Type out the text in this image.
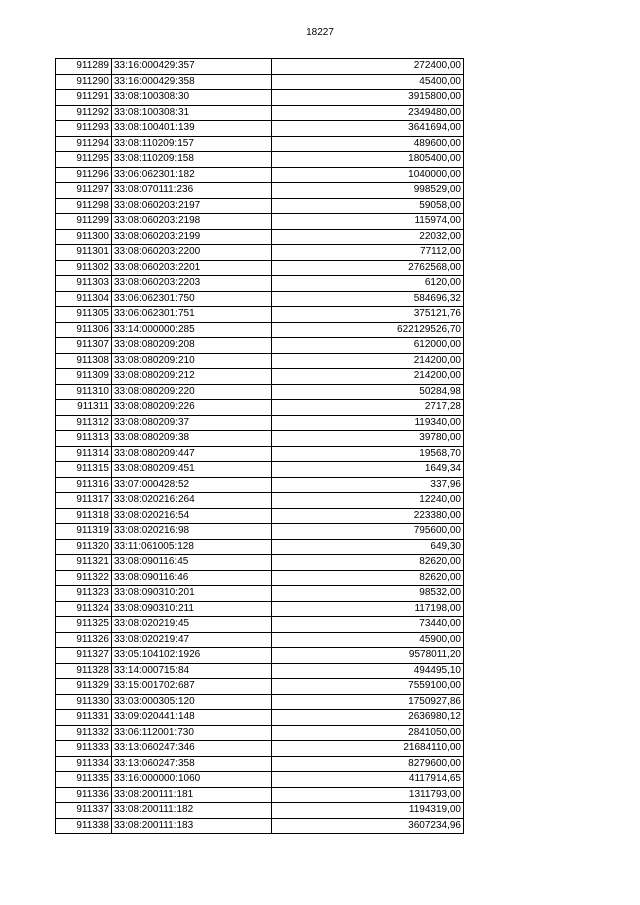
18227
911289	33:16:000429:357	272400,00
911290	33:16:000429:358	45400,00
911291	33:08:100308:30	3915800,00
911292	33:08:100308:31	2349480,00
911293	33:08:100401:139	3641694,00
911294	33:08:110209:157	489600,00
911295	33:08:110209:158	1805400,00
911296	33:06:062301:182	1040000,00
911297	33:08:070111:236	998529,00
911298	33:08:060203:2197	59058,00
911299	33:08:060203:2198	115974,00
911300	33:08:060203:2199	22032,00
911301	33:08:060203:2200	77112,00
911302	33:08:060203:2201	2762568,00
911303	33:08:060203:2203	6120,00
911304	33:06:062301:750	584696,32
911305	33:06:062301:751	375121,76
911306	33:14:000000:285	622129526,70
911307	33:08:080209:208	612000,00
911308	33:08:080209:210	214200,00
911309	33:08:080209:212	214200,00
911310	33:08:080209:220	50284,98
911311	33:08:080209:226	2717,28
911312	33:08:080209:37	119340,00
911313	33:08:080209:38	39780,00
911314	33:08:080209:447	19568,70
911315	33:08:080209:451	1649,34
911316	33:07:000428:52	337,96
911317	33:08:020216:264	12240,00
911318	33:08:020216:54	223380,00
911319	33:08:020216:98	795600,00
911320	33:11:061005:128	649,30
911321	33:08:090116:45	82620,00
911322	33:08:090116:46	82620,00
911323	33:08:090310:201	98532,00
911324	33:08:090310:211	117198,00
911325	33:08:020219:45	73440,00
911326	33:08:020219:47	45900,00
911327	33:05:104102:1926	9578011,20
911328	33:14:000715:84	494495,10
911329	33:15:001702:687	7559100,00
911330	33:03:000305:120	1750927,86
911331	33:09:020441:148	2636980,12
911332	33:06:112001:730	2841050,00
911333	33:13:060247:346	21684110,00
911334	33:13:060247:358	8279600,00
911335	33:16:000000:1060	4117914,65
911336	33:08:200111:181	1311793,00
911337	33:08:200111:182	1194319,00
911338	33:08:200111:183	3607234,96
